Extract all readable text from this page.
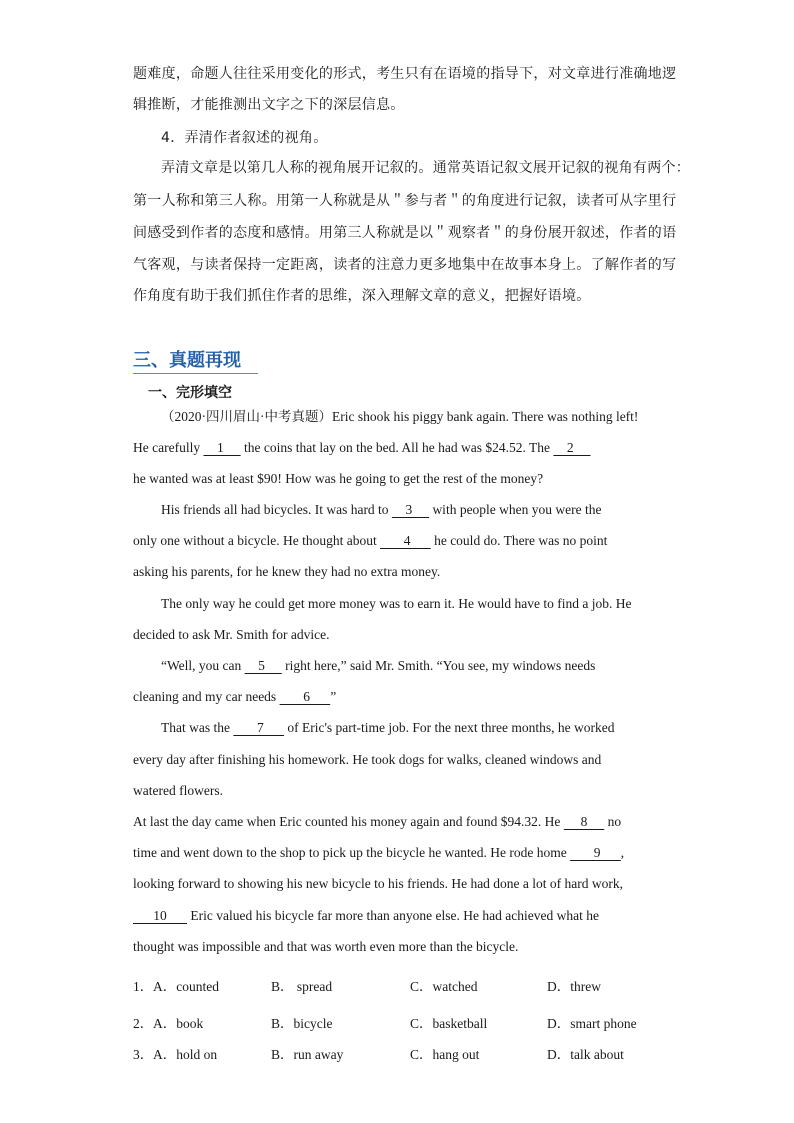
题难度，命题人往往采用变化的形式，考生只有在语境的指导下，对文章进行准确地逻
辑推断，才能推测出文字之下的深层信息。
4．弄清作者叙述的视角。
弄清文章是以第几人称的视角展开记叙的。通常英语记叙文展开记叙的视角有两个：
第一人称和第三人称。用第一人称就是从＂参与者＂的角度进行记叙，读者可从字里行
间感受到作者的态度和感情。用第三人称就是以＂观察者＂的身份展开叙述，作者的语
气客观，与读者保持一定距离，读者的注意力更多地集中在故事本身上。了解作者的写
作角度有助于我们抓住作者的思维，深入理解文章的意义，把握好语境。
三、真题再现
一、完形填空
（2020·四川眉山·中考真题）Eric shook his piggy bank again. There was nothing left!
He carefully     1      the coins that lay on the bed. All he had was $24.52. The     2
he wanted was at least $90! How was he going to get the rest of the money?
His friends all had bicycles. It was hard to     3      with people when you were the
only one without a bicycle. He thought about        4       he could do. There was no point
asking his parents, for he knew they had no extra money.
The only way he could get more money was to earn it. He would have to find a job. He
decided to ask Mr. Smith for advice.
“Well, you can     5      right here,” said Mr. Smith. “You see, my windows needs
cleaning and my car needs        6      ”
That was the        7       of Eric's part-time job. For the next three months, he worked
every day after finishing his homework. He took dogs for walks, cleaned windows and
watered flowers.
At last the day came when Eric counted his money again and found $94.32. He      8      no
time and went down to the shop to pick up the bicycle he wanted. He rode home        9      ,
looking forward to showing his new bicycle to his friends. He had done a lot of hard work,
10       Eric valued his bicycle far more than anyone else. He had achieved what he
thought was impossible and that was worth even more than the bicycle.
1． A．counted	B． spread	C．watched	D．threw
2． A．book	B．bicycle	C．basketball	D．smart phone
3． A．hold on	B．run away	C．hang out	D．talk about
